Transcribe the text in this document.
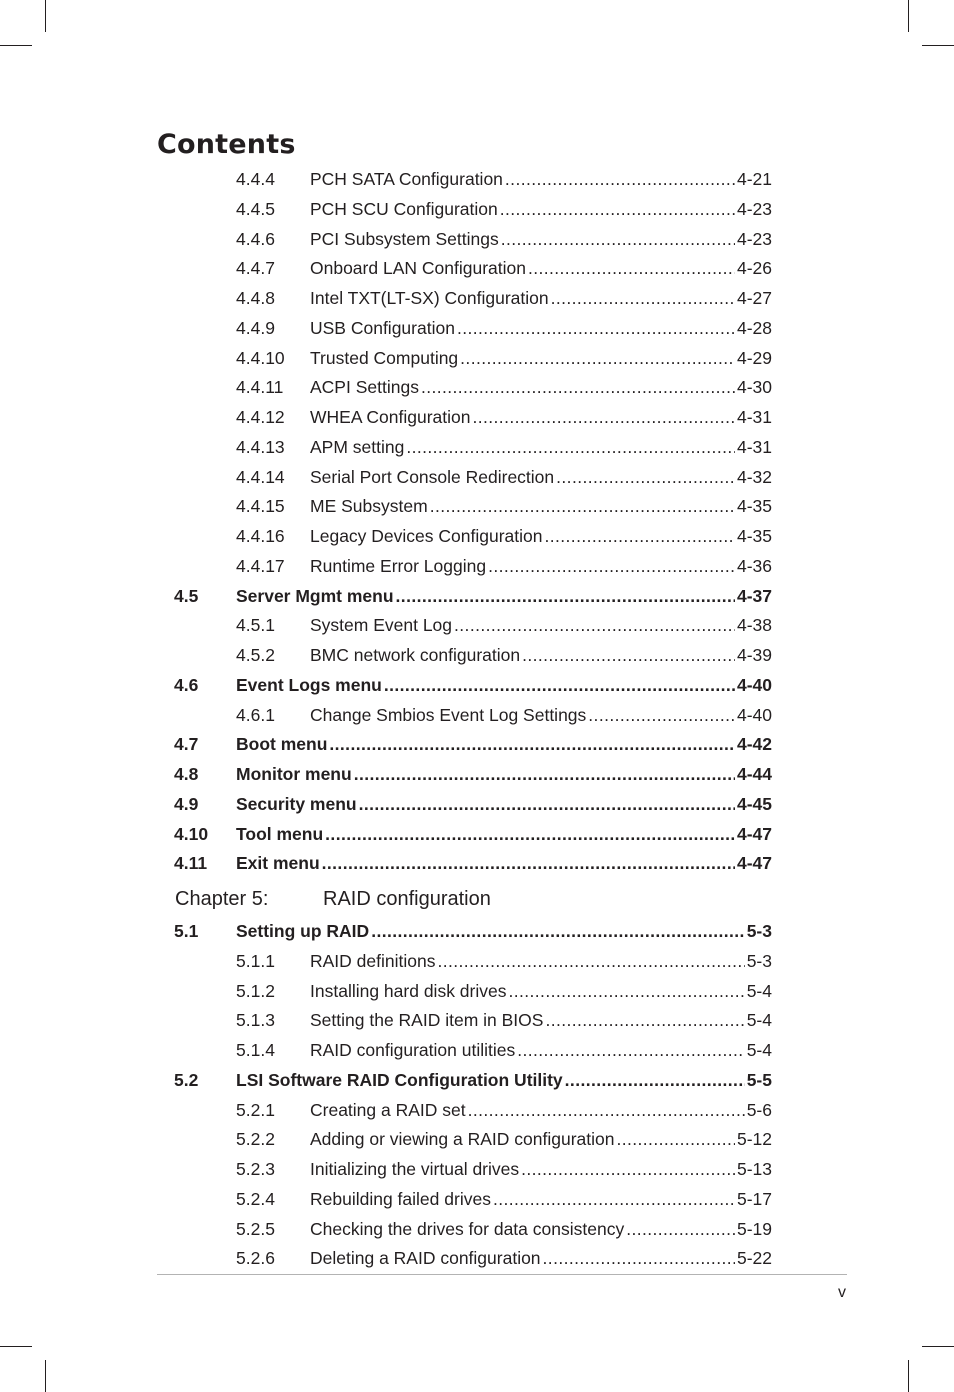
Contents
4.4.4 PCH SATA Configuration .....	4-21
4.4.5 PCH SCU Configuration .....	4-23
4.4.6 PCI Subsystem Settings .....	4-23
4.4.7 Onboard LAN Configuration .....	4-26
4.4.8 Intel TXT(LT-SX) Configuration .....	4-27
4.4.9 USB Configuration .....	4-28
4.4.10 Trusted Computing .....	4-29
4.4.11 ACPI Settings .....	4-30
4.4.12 WHEA Configuration .....	4-31
4.4.13 APM setting .....	4-31
4.4.14 Serial Port Console Redirection .....	4-32
4.4.15 ME Subsystem .....	4-35
4.4.16 Legacy Devices Configuration .....	4-35
4.4.17 Runtime Error Logging .....	4-36
4.5 Server Mgmt menu .....	4-37
4.5.1 System Event Log .....	4-38
4.5.2 BMC network configuration .....	4-39
4.6 Event Logs menu .....	4-40
4.6.1 Change Smbios Event Log Settings .....	4-40
4.7 Boot menu .....	4-42
4.8 Monitor menu .....	4-44
4.9 Security menu .....	4-45
4.10 Tool menu .....	4-47
4.11 Exit menu .....	4-47
5.1 Setting up RAID .....	5-3
5.1.1 RAID definitions .....	5-3
5.1.2 Installing hard disk drives .....	5-4
5.1.3 Setting the RAID item in BIOS .....	5-4
5.1.4 RAID configuration utilities .....	5-4
5.2 LSI Software RAID Configuration Utility .....	5-5
5.2.1 Creating a RAID set .....	5-6
5.2.2 Adding or viewing a RAID configuration .....	5-12
5.2.3 Initializing the virtual drives .....	5-13
5.2.4 Rebuilding failed drives .....	5-17
5.2.5 Checking the drives for data consistency .....	5-19
5.2.6 Deleting a RAID configuration .....	5-22
Chapter 5:	RAID configuration
v
